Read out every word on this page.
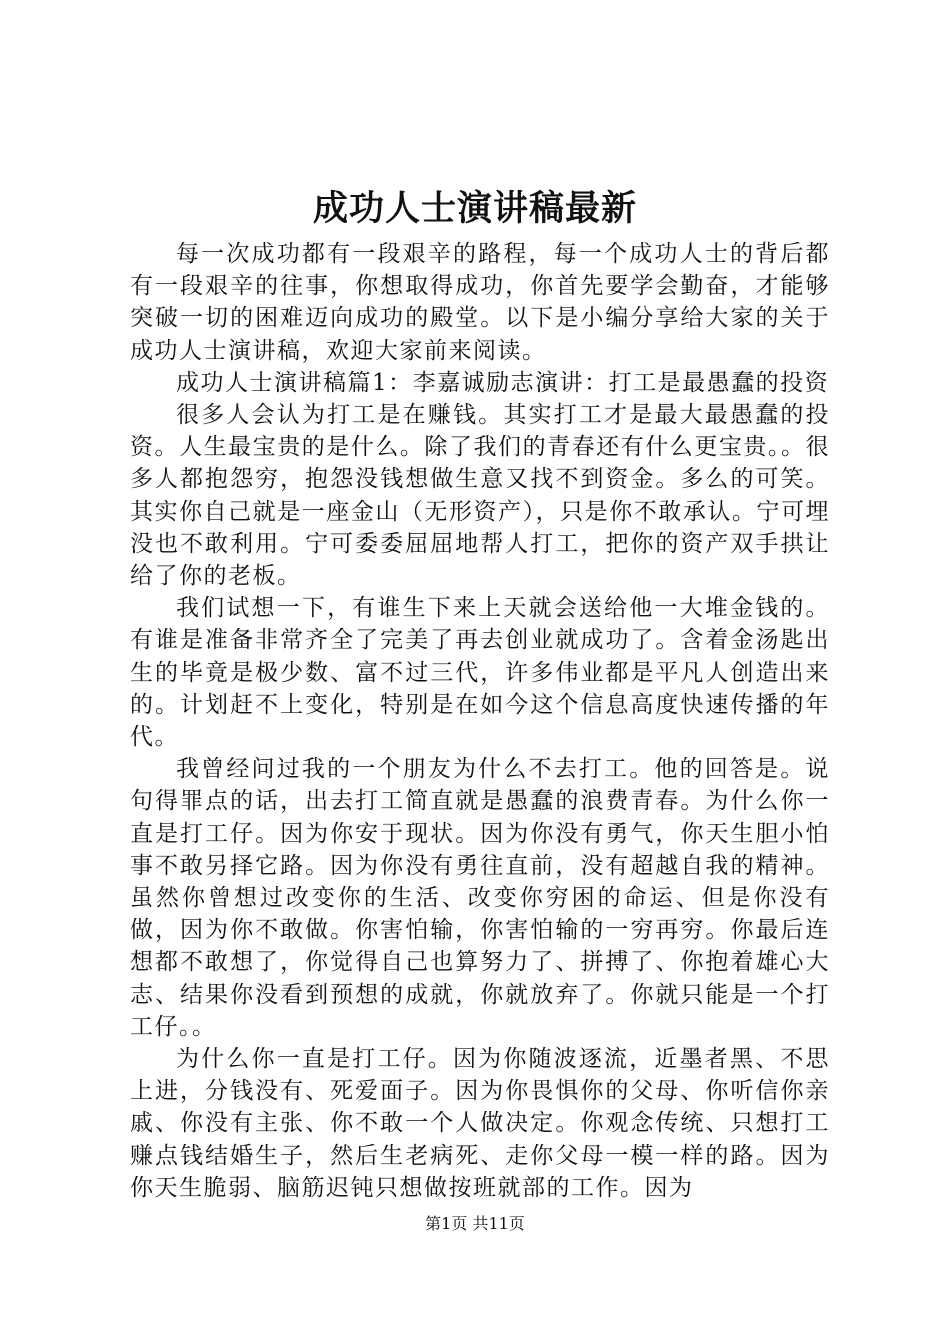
成功人士演讲稿最新

每一次成功都有一段艰辛的路程，每一个成功人士的背后都有一段艰辛的往事，你想取得成功，你首先要学会勤奋，才能够突破一切的困难迈向成功的殿堂。以下是小编分享给大家的关于成功人士演讲稿，欢迎大家前来阅读。

成功人士演讲稿篇1：李嘉诚励志演讲：打工是最愚蠢的投资

很多人会认为打工是在赚钱。其实打工才是最大最愚蠢的投资。人生最宝贵的是什么。除了我们的青春还有什么更宝贵。。很多人都抱怨穷，抱怨没钱想做生意又找不到资金。多么的可笑。其实你自己就是一座金山（无形资产），只是你不敢承认。宁可埋没也不敢利用。宁可委委屈屈地帮人打工，把你的资产双手拱让给了你的老板。

我们试想一下，有谁生下来上天就会送给他一大堆金钱的。有谁是准备非常齐全了完美了再去创业就成功了。含着金汤匙出生的毕竟是极少数、富不过三代，许多伟业都是平凡人创造出来的。计划赶不上变化，特别是在如今这个信息高度快速传播的年代。

我曾经问过我的一个朋友为什么不去打工。他的回答是。说句得罪点的话，出去打工简直就是愚蠢的浪费青春。为什么你一直是打工仔。因为你安于现状。因为你没有勇气，你天生胆小怕事不敢另择它路。因为你没有勇往直前，没有超越自我的精神。虽然你曾想过改变你的生活、改变你穷困的命运、但是你没有做，因为你不敢做。你害怕输，你害怕输的一穷再穷。你最后连想都不敢想了，你觉得自己也算努力了、拼搏了、你抱着雄心大志、结果你没看到预想的成就，你就放弃了。你就只能是一个打工仔。。

为什么你一直是打工仔。因为你随波逐流，近墨者黑、不思上进，分钱没有、死爱面子。因为你畏惧你的父母、你听信你亲戚、你没有主张、你不敢一个人做决定。你观念传统、只想打工赚点钱结婚生子，然后生老病死、走你父母一模一样的路。因为你天生脆弱、脑筋迟钝只想做按班就部的工作。因为

第1页 共11页
